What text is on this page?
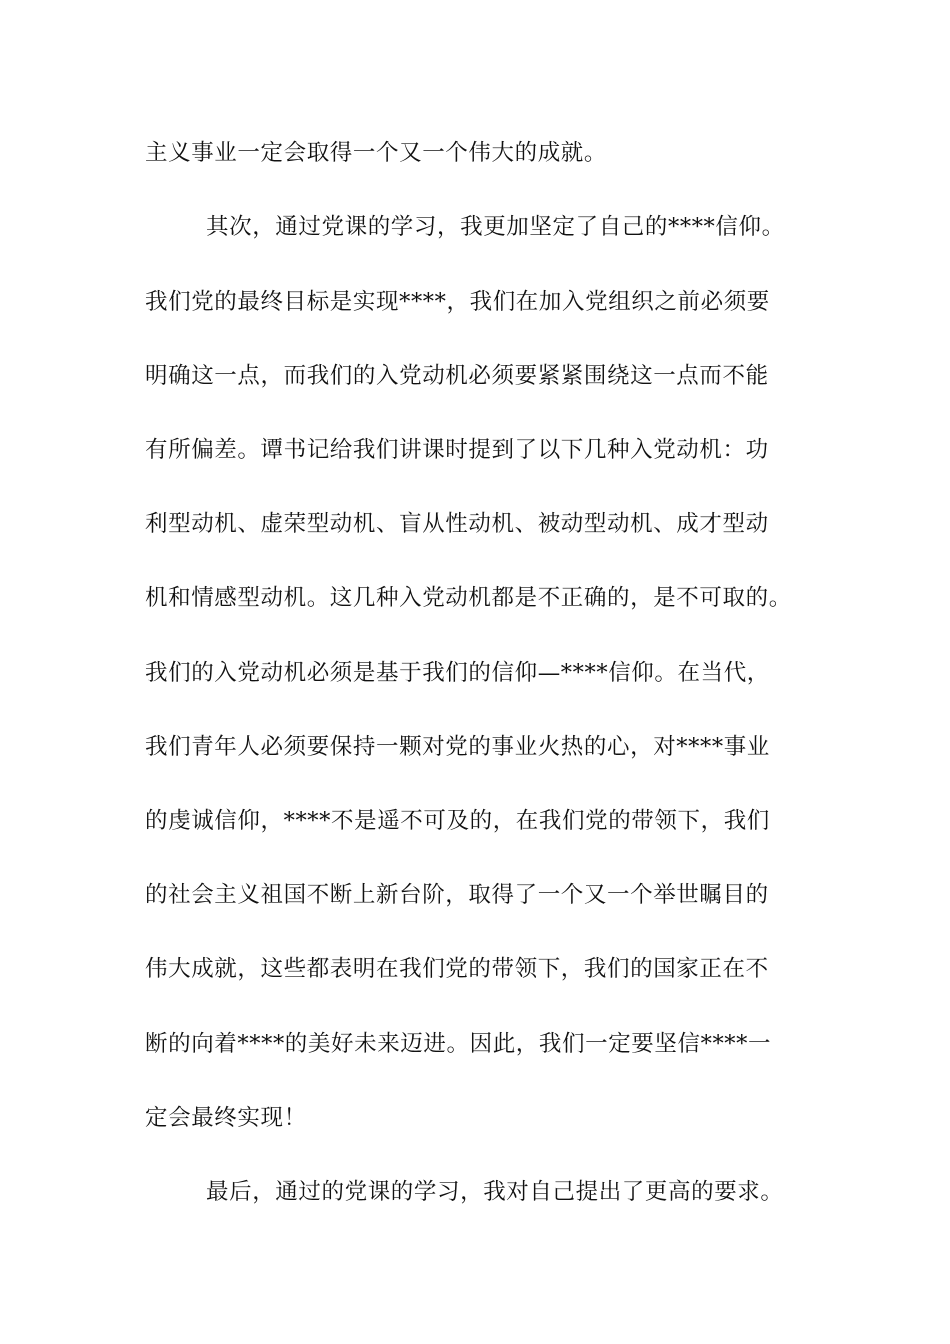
主义事业一定会取得一个又一个伟大的成就。
其次，通过党课的学习，我更加坚定了自己的****信仰。
我们党的最终目标是实现****，我们在加入党组织之前必须要
明确这一点，而我们的入党动机必须要紧紧围绕这一点而不能
有所偏差。谭书记给我们讲课时提到了以下几种入党动机：功
利型动机、虚荣型动机、盲从性动机、被动型动机、成才型动
机和情感型动机。这几种入党动机都是不正确的，是不可取的。
我们的入党动机必须是基于我们的信仰—****信仰。在当代，
我们青年人必须要保持一颗对党的事业火热的心，对****事业
的虔诚信仰，****不是遥不可及的，在我们党的带领下，我们
的社会主义祖国不断上新台阶，取得了一个又一个举世瞩目的
伟大成就，这些都表明在我们党的带领下，我们的国家正在不
断的向着****的美好未来迈进。因此，我们一定要坚信****一
定会最终实现！
最后，通过的党课的学习，我对自己提出了更高的要求。
